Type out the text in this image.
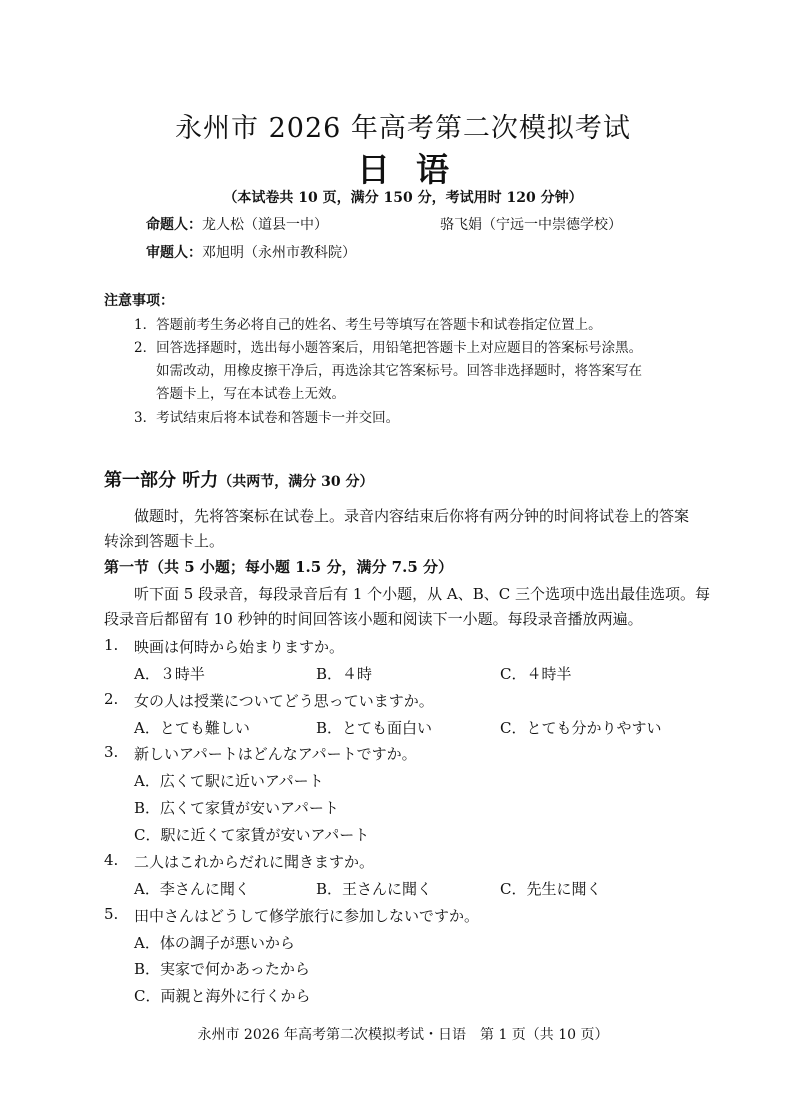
永州市 2026 年高考第二次模拟考试
日语
（本试卷共 10 页，满分 150 分，考试用时 120 分钟）
命题人：龙人松（道县一中）	骆飞娟（宁远一中崇德学校）
审题人：邓旭明（永州市教科院）
注意事项：
1．答题前考生务必将自己的姓名、考生号等填写在答题卡和试卷指定位置上。
2．回答选择题时，选出每小题答案后，用铅笔把答题卡上对应题目的答案标号涂黑。
如需改动，用橡皮擦干净后，再选涂其它答案标号。回答非选择题时，将答案写在
答题卡上，写在本试卷上无效。
3．考试结束后将本试卷和答题卡一并交回。
第一部分 听力（共两节，满分 30 分）
做题时，先将答案标在试卷上。录音内容结束后你将有两分钟的时间将试卷上的答案
转涂到答题卡上。
第一节（共 5 小题；每小题 1.5 分，满分 7.5 分）
听下面 5 段录音，每段录音后有 1 个小题，从 A、B、C 三个选项中选出最佳选项。每
段录音后都留有 10 秒钟的时间回答该小题和阅读下一小题。每段录音播放两遍。
1. 映画は何時から始まりますか。
A．３時半	B．４時	C．４時半
2. 女の人は授業についてどう思っていますか。
A．とても難しい	B．とても面白い	C．とても分かりやすい
3. 新しいアパートはどんなアパートですか。
A．広くて駅に近いアパート
B．広くて家賃が安いアパート
C．駅に近くて家賃が安いアパート
4. 二人はこれからだれに聞きますか。
A．李さんに聞く	B．王さんに聞く	C．先生に聞く
5. 田中さんはどうして修学旅行に参加しないですか。
A．体の調子が悪いから
B．実家で何かあったから
C．両親と海外に行くから
永州市 2026 年高考第二次模拟考试・日语　第 1 页（共 10 页）
